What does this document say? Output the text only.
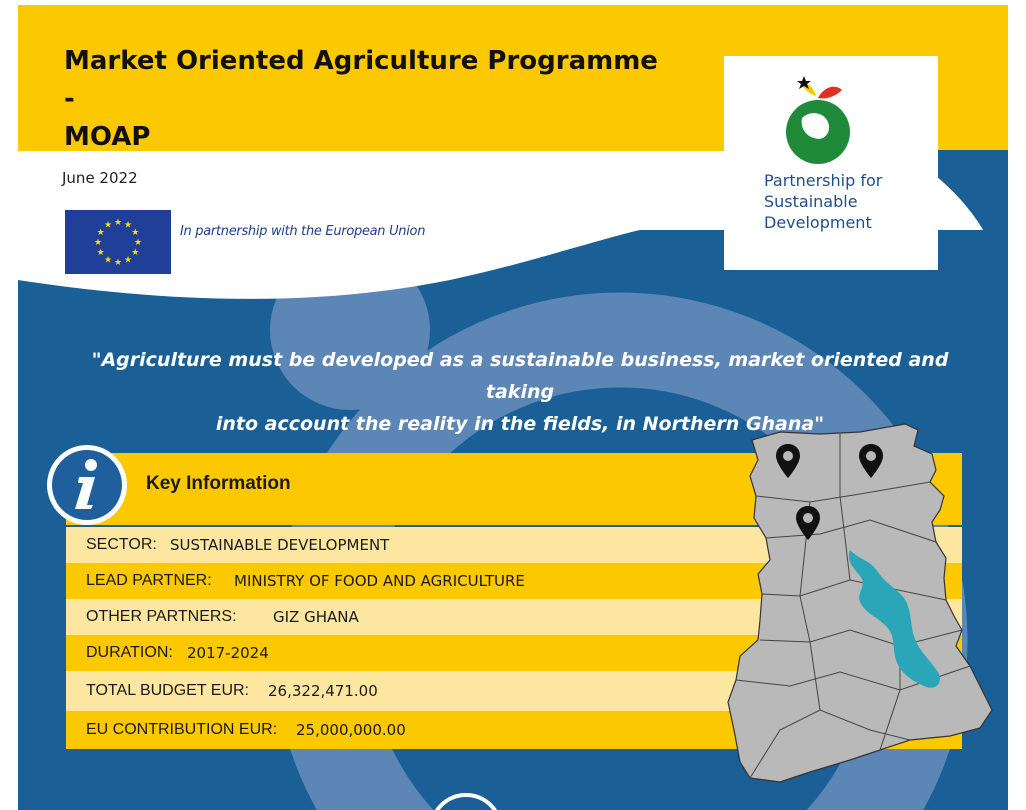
Market Oriented Agriculture Programme -
MOAP
June 2022
★
★
★
★
★
★
★
★
★ ★ ★
★	In partnership with the European Union
Partnership for
Sustainable
Development
"Agriculture must be developed as a sustainable business, market oriented and taking
into account the reality in the fields, in Northern Ghana"
Key Information
SECTOR: SUSTAINABLE DEVELOPMENT
LEAD PARTNER: MINISTRY OF FOOD AND AGRICULTURE
OTHER PARTNERS: GIZ GHANA
DURATION: 2017-2024
TOTAL BUDGET EUR: 26,322,471.00
EU CONTRIBUTION EUR: 25,000,000.00
